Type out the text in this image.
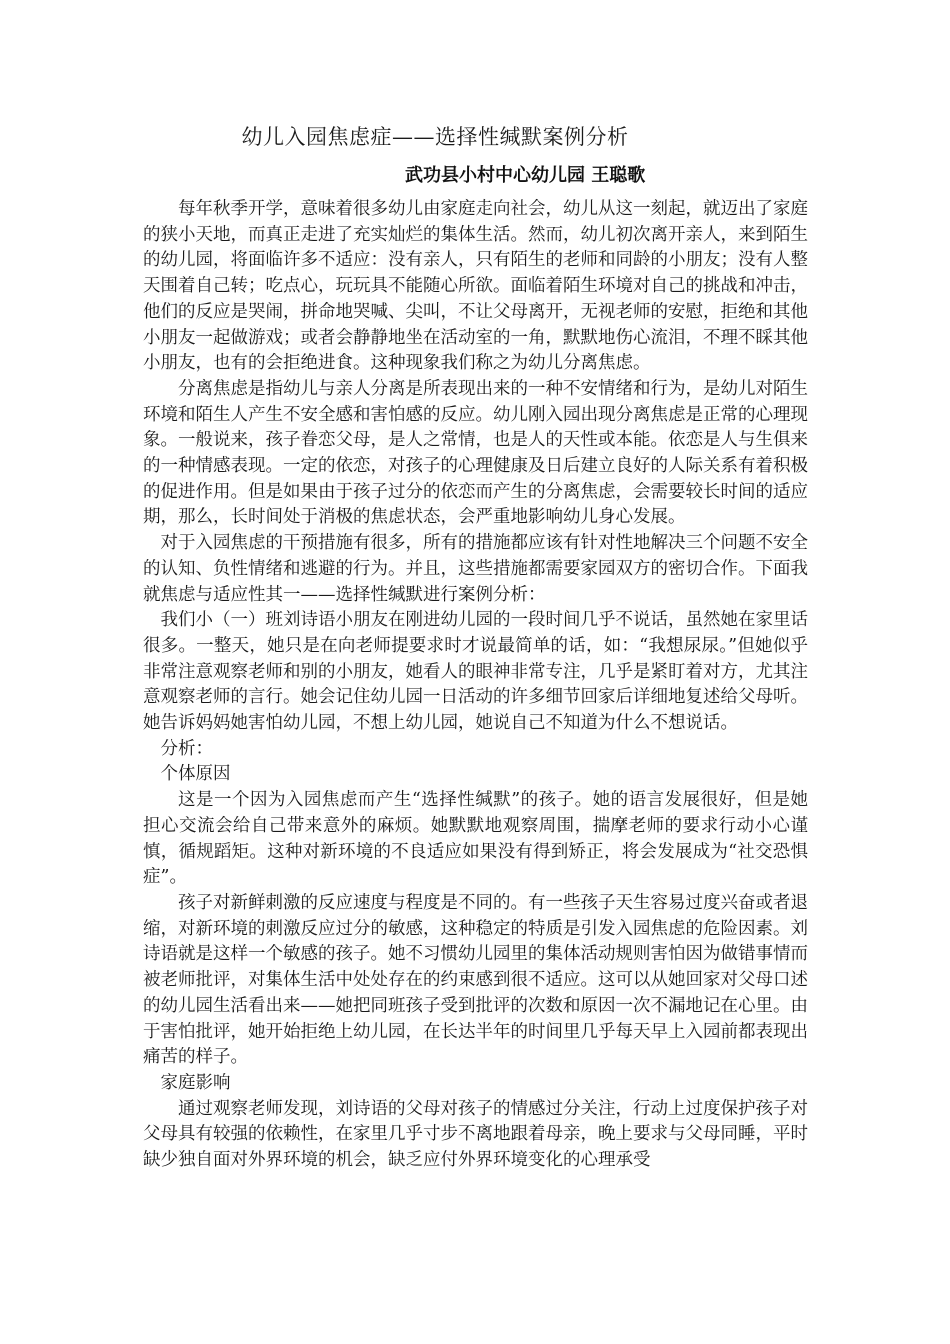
幼儿入园焦虑症——选择性缄默案例分析
武功县小村中心幼儿园 王聪歌

每年秋季开学，意味着很多幼儿由家庭走向社会，幼儿从这一刻起，就迈出了家庭的狭小天地，而真正走进了充实灿烂的集体生活。然而，幼儿初次离开亲人，来到陌生的幼儿园，将面临许多不适应：没有亲人，只有陌生的老师和同龄的小朋友；没有人整天围着自己转；吃点心，玩玩具不能随心所欲。面临着陌生环境对自己的挑战和冲击，他们的反应是哭闹，拼命地哭喊、尖叫，不让父母离开，无视老师的安慰，拒绝和其他小朋友一起做游戏；或者会静静地坐在活动室的一角，默默地伤心流泪，不理不睬其他小朋友，也有的会拒绝进食。这种现象我们称之为幼儿分离焦虑。

分离焦虑是指幼儿与亲人分离是所表现出来的一种不安情绪和行为，是幼儿对陌生环境和陌生人产生不安全感和害怕感的反应。幼儿刚入园出现分离焦虑是正常的心理现象。一般说来，孩子眷恋父母，是人之常情，也是人的天性或本能。依恋是人与生俱来的一种情感表现。一定的依恋，对孩子的心理健康及日后建立良好的人际关系有着积极的促进作用。但是如果由于孩子过分的依恋而产生的分离焦虑，会需要较长时间的适应期，那么，长时间处于消极的焦虑状态，会严重地影响幼儿身心发展。

对于入园焦虑的干预措施有很多，所有的措施都应该有针对性地解决三个问题不安全的认知、负性情绪和逃避的行为。并且，这些措施都需要家园双方的密切合作。下面我就焦虑与适应性其一——选择性缄默进行案例分析：

我们小（一）班刘诗语小朋友在刚进幼儿园的一段时间几乎不说话，虽然她在家里话很多。一整天，她只是在向老师提要求时才说最简单的话，如：“我想尿尿。”但她似乎非常注意观察老师和别的小朋友，她看人的眼神非常专注，几乎是紧盯着对方，尤其注意观察老师的言行。她会记住幼儿园一日活动的许多细节回家后详细地复述给父母听。她告诉妈妈她害怕幼儿园，不想上幼儿园，她说自己不知道为什么不想说话。

分析：

个体原因

这是一个因为入园焦虑而产生“选择性缄默”的孩子。她的语言发展很好，但是她担心交流会给自己带来意外的麻烦。她默默地观察周围，揣摩老师的要求行动小心谨慎，循规蹈矩。这种对新环境的不良适应如果没有得到矫正，将会发展成为“社交恐惧症”。

孩子对新鲜刺激的反应速度与程度是不同的。有一些孩子天生容易过度兴奋或者退缩，对新环境的刺激反应过分的敏感，这种稳定的特质是引发入园焦虑的危险因素。刘诗语就是这样一个敏感的孩子。她不习惯幼儿园里的集体活动规则害怕因为做错事情而被老师批评，对集体生活中处处存在的约束感到很不适应。这可以从她回家对父母口述的幼儿园生活看出来——她把同班孩子受到批评的次数和原因一次不漏地记在心里。由于害怕批评，她开始拒绝上幼儿园，在长达半年的时间里几乎每天早上入园前都表现出痛苦的样子。

家庭影响

通过观察老师发现，刘诗语的父母对孩子的情感过分关注，行动上过度保护孩子对父母具有较强的依赖性，在家里几乎寸步不离地跟着母亲，晚上要求与父母同睡，平时缺少独自面对外界环境的机会，缺乏应付外界环境变化的心理承受
